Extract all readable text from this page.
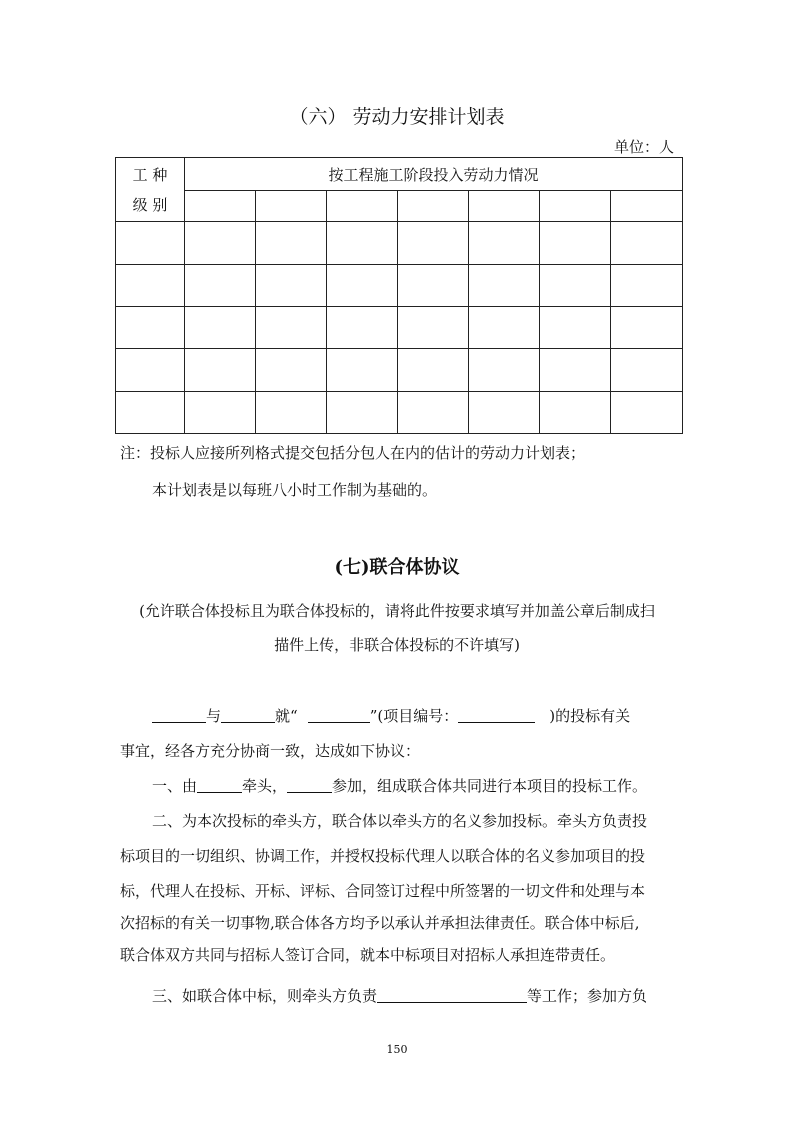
（六） 劳动力安排计划表
单位：人
工 种
级 别	按工程施工阶段投入劳动力情况						

注：投标人应接所列格式提交包括分包人在内的估计的劳动力计划表；
本计划表是以每班八小时工作制为基础的。
(七)联合体协议
(允许联合体投标且为联合体投标的，请将此件按要求填写并加盖公章后制成扫
描件上传，非联合体投标的不许填写)
与	就“	”(项目编号：	)的投标有关
事宜，经各方充分协商一致，达成如下协议：
一、由	牵头，	参加，组成联合体共同进行本项目的投标工作。
二、为本次投标的牵头方，联合体以牵头方的名义参加投标。牵头方负责投
标项目的一切组织、协调工作，并授权投标代理人以联合体的名义参加项目的投
标，代理人在投标、开标、评标、合同签订过程中所签署的一切文件和处理与本
次招标的有关一切事物,联合体各方均予以承认并承担法律责任。联合体中标后,
联合体双方共同与招标人签订合同，就本中标项目对招标人承担连带责任。
三、如联合体中标，则牵头方负责	等工作；参加方负
150
